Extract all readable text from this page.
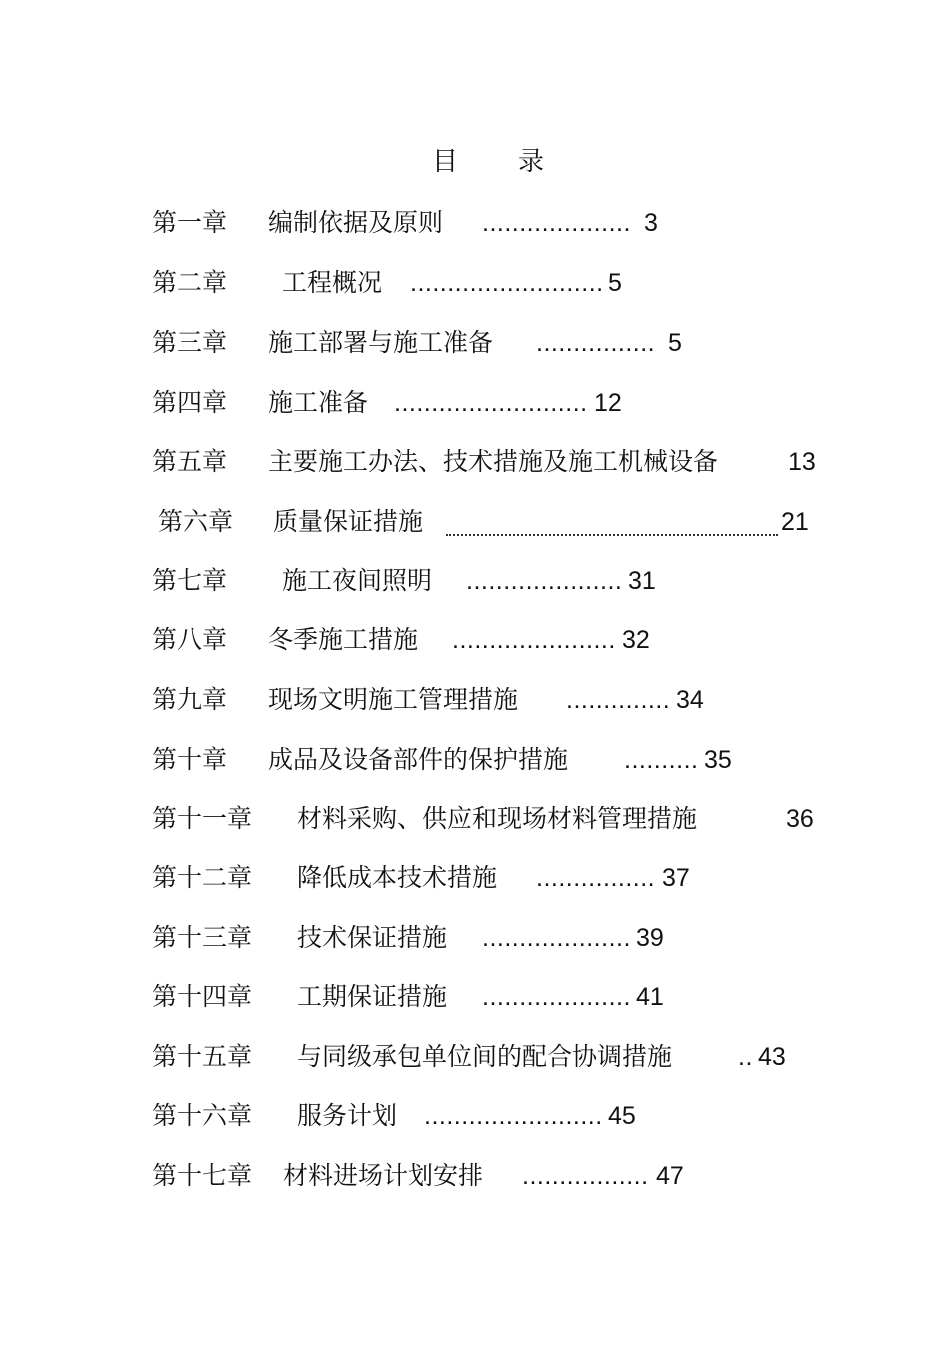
目 录
第一章 编制依据及原则 .................... 3
第二章 工程概况 .......................... 5
第三章 施工部署与施工准备 ................ 5
第四章 施工准备 .......................... 12
第五章 主要施工办法、技术措施及施工机械设备	13
第六章 质量保证措施	21
第七章 施工夜间照明 ..................... 31
第八章 冬季施工措施 ...................... 32
第九章 现场文明施工管理措施 .............. 34
第十章 成品及设备部件的保护措施 .......... 35
第十一章 材料采购、供应和现场材料管理措施	36
第十二章 降低成本技术措施 ................ 37
第十三章 技术保证措施 .................... 39
第十四章 工期保证措施 .................... 41
第十五章 与同级承包单位间的配合协调措施	.. 43
第十六章 服务计划 ........................ 45
第十七章 材料进场计划安排 ................. 47
